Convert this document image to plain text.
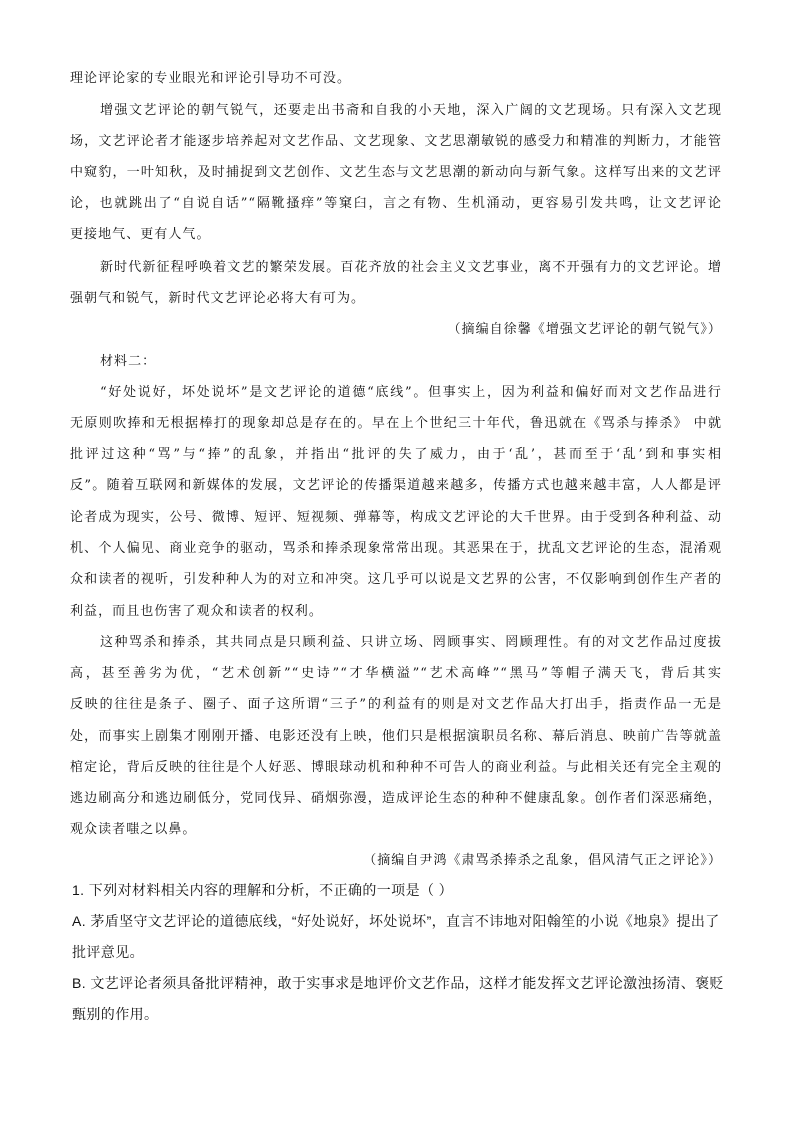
理论评论家的专业眼光和评论引导功不可没。
增强文艺评论的朝气锐气，还要走出书斋和自我的小天地，深入广阔的文艺现场。只有深入文艺现
场，文艺评论者才能逐步培养起对文艺作品、文艺现象、文艺思潮敏锐的感受力和精准的判断力，才能管
中窥豹，一叶知秋，及时捕捉到文艺创作、文艺生态与文艺思潮的新动向与新气象。这样写出来的文艺评
论，也就跳出了“自说自话”“隔靴搔痒”等窠臼，言之有物、生机涌动，更容易引发共鸣，让文艺评论
更接地气、更有人气。
新时代新征程呼唤着文艺的繁荣发展。百花齐放的社会主义文艺事业，离不开强有力的文艺评论。增
强朝气和锐气，新时代文艺评论必将大有可为。
（摘编自徐馨《增强文艺评论的朝气锐气》）
材料二：
“好处说好，坏处说坏”是文艺评论的道德“底线”。但事实上，因为利益和偏好而对文艺作品进行
无原则吹捧和无根据棒打的现象却总是存在的。早在上个世纪三十年代，鲁迅就在《骂杀与捧杀》 中就
批评过这种“骂”与“捧”的乱象，并指出“批评的失了威力，由于‘乱’，甚而至于‘乱’到和事实相
反”。随着互联网和新媒体的发展，文艺评论的传播渠道越来越多，传播方式也越来越丰富，人人都是评
论者成为现实，公号、微博、短评、短视频、弹幕等，构成文艺评论的大千世界。由于受到各种利益、动
机、个人偏见、商业竞争的驱动，骂杀和捧杀现象常常出现。其恶果在于，扰乱文艺评论的生态，混淆观
众和读者的视听，引发种种人为的对立和冲突。这几乎可以说是文艺界的公害，不仅影响到创作生产者的
利益，而且也伤害了观众和读者的权利。
这种骂杀和捧杀，其共同点是只顾利益、只讲立场、罔顾事实、罔顾理性。有的对文艺作品过度拔
高，甚至善劣为优，“艺术创新”“史诗”“才华横溢”“艺术高峰”“黑马”等帽子满天飞，背后其实
反映的往往是条子、圈子、面子这所谓“三子”的利益有的则是对文艺作品大打出手，指责作品一无是
处，而事实上剧集才刚刚开播、电影还没有上映，他们只是根据演职员名称、幕后消息、映前广告等就盖
棺定论，背后反映的往往是个人好恶、博眼球动机和种种不可告人的商业利益。与此相关还有完全主观的
逃边刷高分和逃边刷低分，党同伐异、硝烟弥漫，造成评论生态的种种不健康乱象。创作者们深恶痛绝，
观众读者嗤之以鼻。
（摘编自尹鸿《肃骂杀捧杀之乱象，倡风清气正之评论》）
1. 下列对材料相关内容的理解和分析，不正确的一项是（ ）
A. 茅盾坚守文艺评论的道德底线，“好处说好，坏处说坏”，直言不讳地对阳翰笙的小说《地泉》提出了
批评意见。
B. 文艺评论者须具备批评精神，敢于实事求是地评价文艺作品，这样才能发挥文艺评论激浊扬清、褒贬
甄别的作用。
